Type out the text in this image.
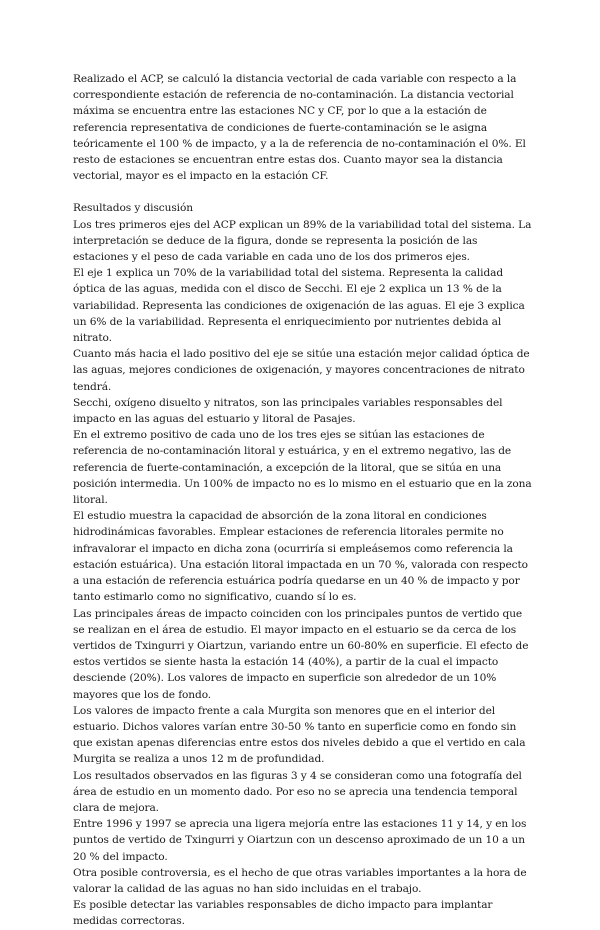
Realizado el ACP, se calculó la distancia vectorial de cada variable con respecto a la correspondiente estación de referencia de no-contaminación. La distancia vectorial máxima se encuentra entre las estaciones NC y CF, por lo que a la estación de referencia representativa de condiciones de fuerte-contaminación se le asigna teóricamente el 100 % de impacto, y a la de referencia de no-contaminación el 0%. El resto de estaciones se encuentran entre estas dos. Cuanto mayor sea la distancia vectorial, mayor es el impacto en la estación CF.

Resultados y discusión

Los tres primeros ejes del ACP explican un 89% de la variabilidad total del sistema. La interpretación se deduce de la figura, donde se representa la posición de las estaciones y el peso de cada variable en cada uno de los dos primeros ejes.

El eje 1 explica un 70% de la variabilidad total del sistema. Representa la calidad óptica de las aguas, medida con el disco de Secchi. El eje 2 explica un 13 % de la variabilidad. Representa las condiciones de oxigenación de las aguas. El eje 3 explica un 6% de la variabilidad. Representa el enriquecimiento por nutrientes debida al nitrato.

Cuanto más hacia el lado positivo del eje se sitúe una estación mejor calidad óptica de las aguas, mejores condiciones de oxigenación, y mayores concentraciones de nitrato tendrá.

Secchi, oxígeno disuelto y nitratos, son las principales variables responsables del impacto en las aguas del estuario y litoral de Pasajes.

En el extremo positivo de cada uno de los tres ejes se sitúan las estaciones de referencia de no-contaminación litoral y estuárica, y en el extremo negativo, las de referencia de fuerte-contaminación, a excepción de la litoral, que se sitúa en una posición intermedia. Un 100% de impacto no es lo mismo en el estuario que en la zona litoral.

El estudio muestra la capacidad de absorción de la zona litoral en condiciones hidrodinámicas favorables. Emplear estaciones de referencia litorales permite no infravalorar el impacto en dicha zona (ocurriría si empleásemos como referencia la estación estuárica). Una estación litoral impactada en un 70 %, valorada con respecto a una estación de referencia estuárica podría quedarse en un 40 % de impacto y por tanto estimarlo como no significativo, cuando sí lo es.

Las principales áreas de impacto coinciden con los principales puntos de vertido que se realizan en el área de estudio. El mayor impacto en el estuario se da cerca de los vertidos de Txingurri y Oiartzun, variando entre un 60-80% en superficie. El efecto de estos vertidos se siente hasta la estación 14 (40%), a partir de la cual el impacto desciende (20%). Los valores de impacto en superficie son alrededor de un 10% mayores que los de fondo.

Los valores de impacto frente a cala Murgita son menores que en el interior del estuario. Dichos valores varían entre 30-50 % tanto en superficie como en fondo sin que existan apenas diferencias entre estos dos niveles debido a que el vertido en cala Murgita se realiza a unos 12 m de profundidad.

Los resultados observados en las figuras 3 y 4 se consideran como una fotografía del área de estudio en un momento dado. Por eso no se aprecia una tendencia temporal clara de mejora.

Entre 1996 y 1997 se aprecia una ligera mejoría entre las estaciones 11 y 14, y en los puntos de vertido de Txingurri y Oiartzun con un descenso aproximado de un 10 a un 20 % del impacto.

Otra posible controversia, es el hecho de que otras variables importantes a la hora de valorar la calidad de las aguas no han sido incluidas en el trabajo.

Es posible detectar las variables responsables de dicho impacto para implantar medidas correctoras.
